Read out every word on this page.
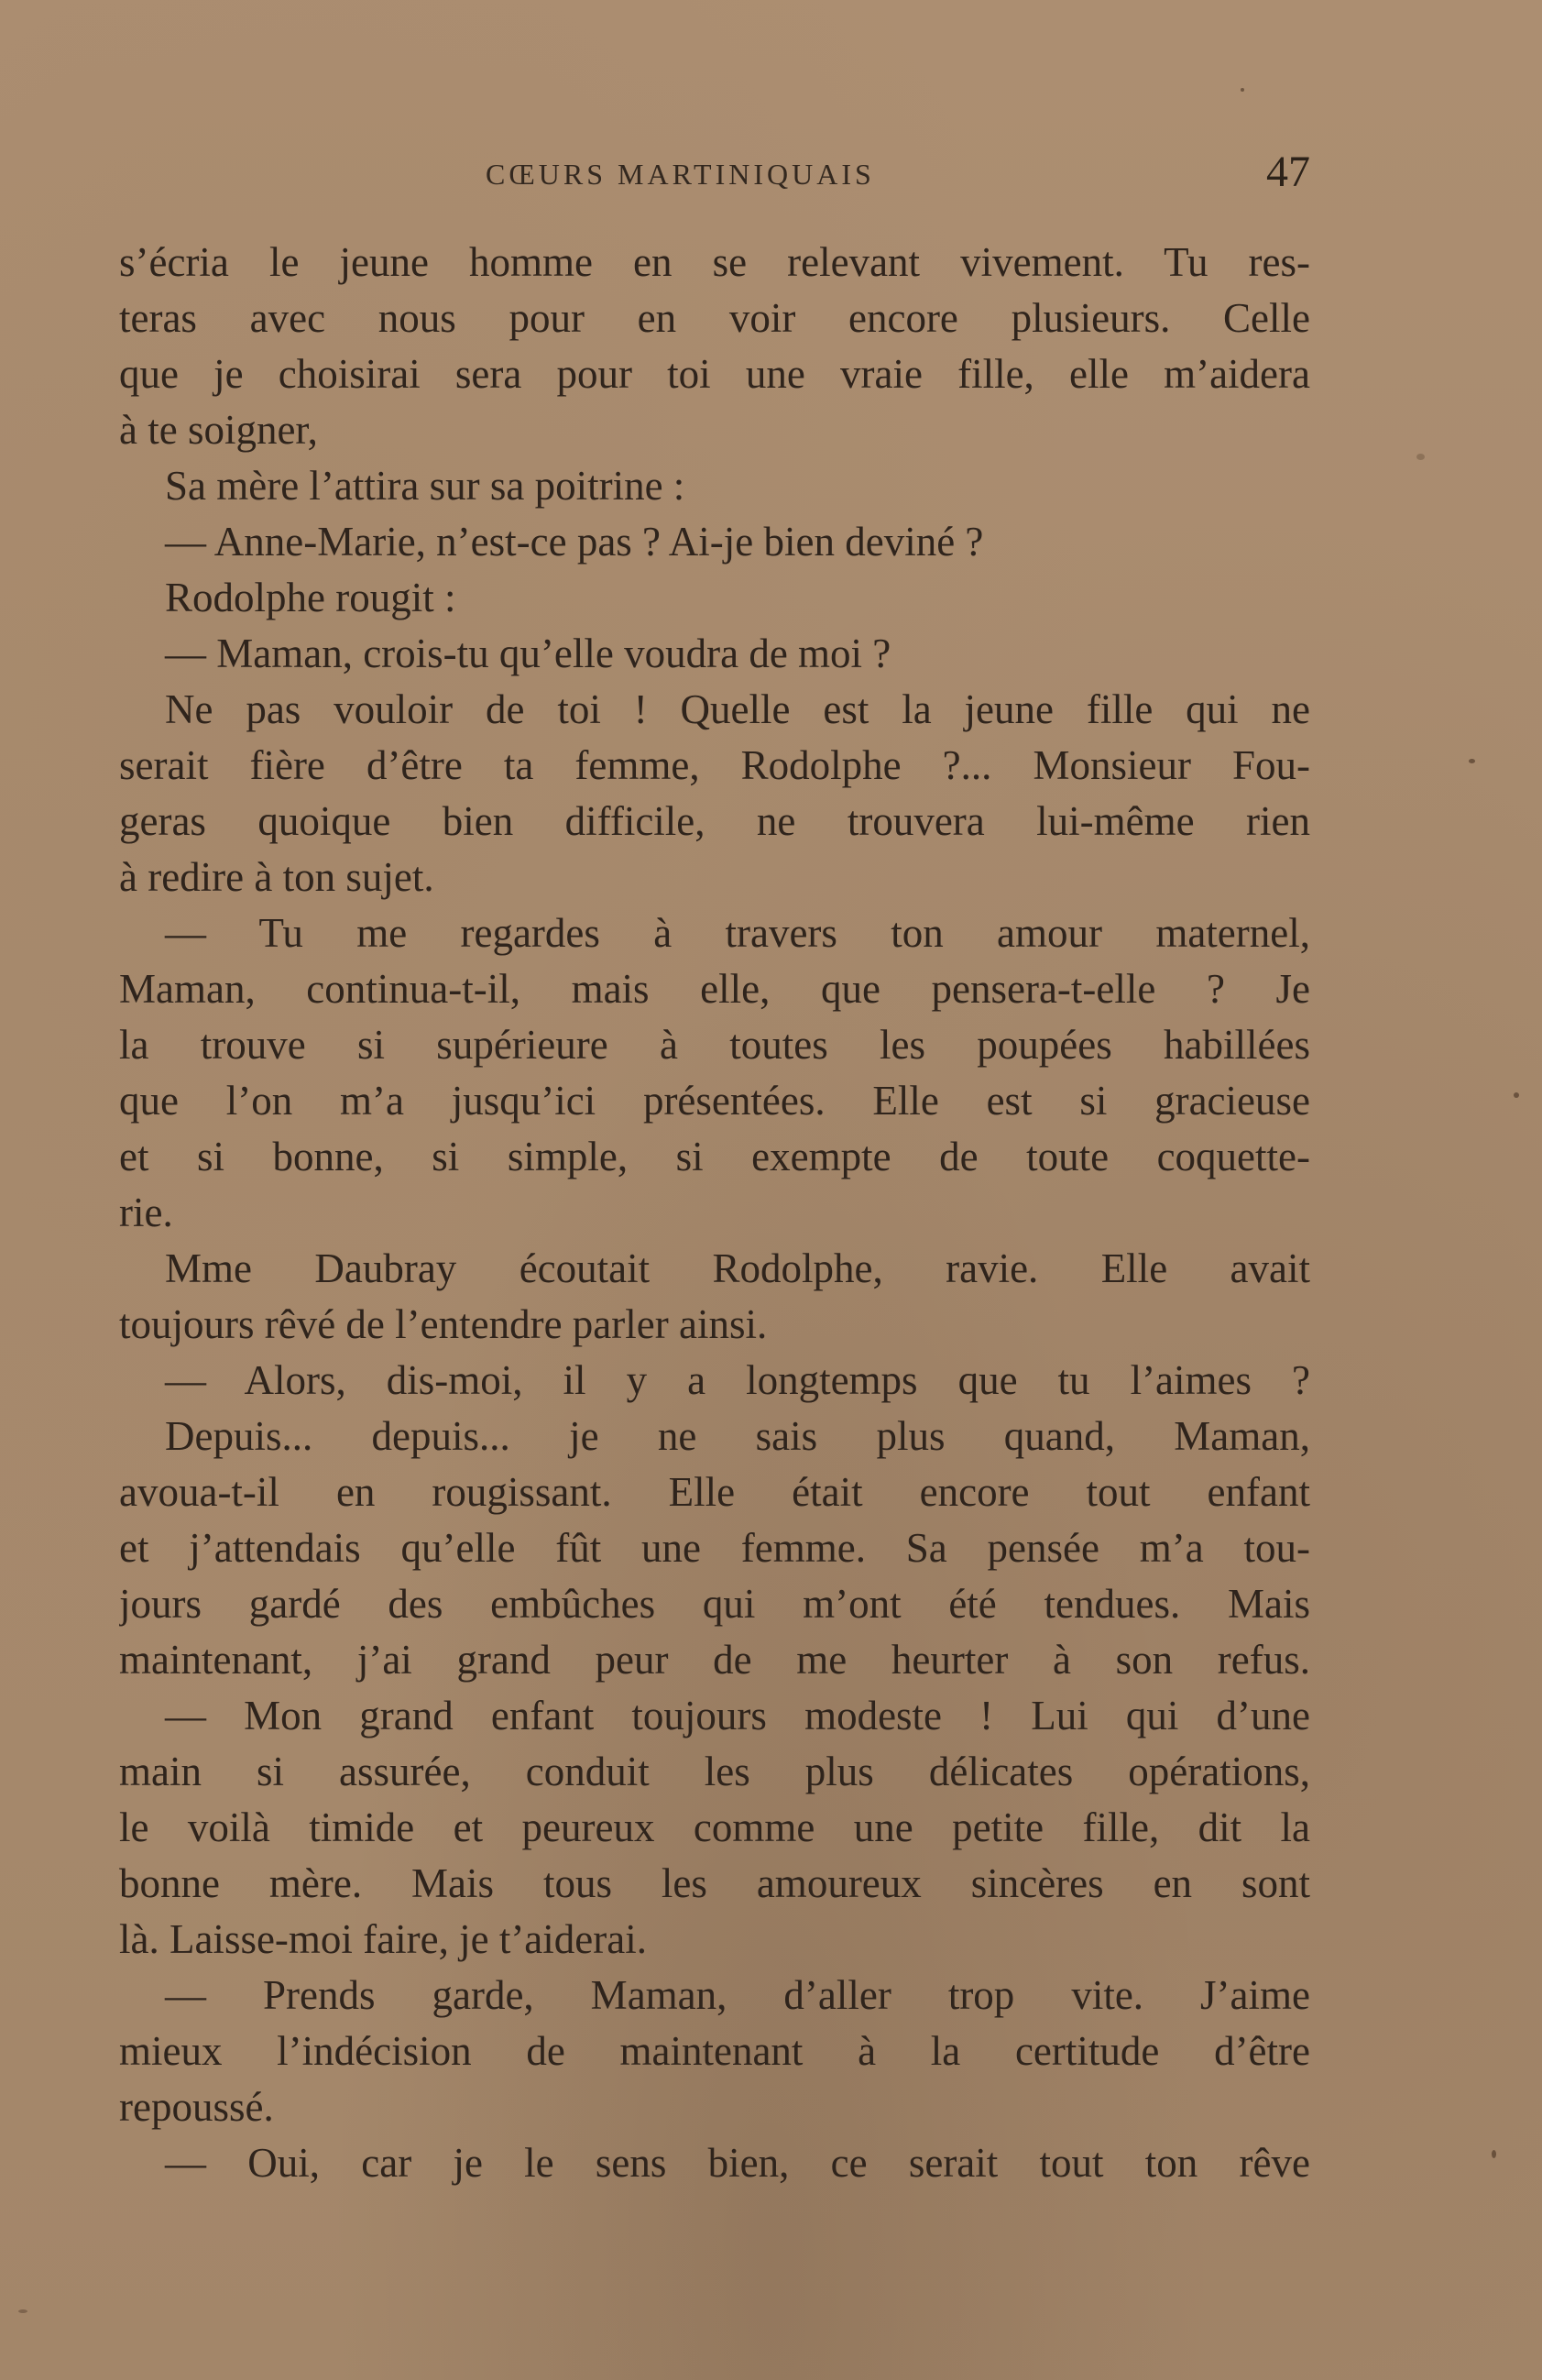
CŒURS MARTINIQUAIS	47
s’écria le jeune homme en se relevant vivement. Tu res-
teras avec nous pour en voir encore plusieurs. Celle
que je choisirai sera pour toi une vraie fille, elle m’aidera
à te soigner,
Sa mère l’attira sur sa poitrine :
— Anne-Marie, n’est-ce pas ? Ai-je bien deviné ?
Rodolphe rougit :
— Maman, crois-tu qu’elle voudra de moi ?
Ne pas vouloir de toi ! Quelle est la jeune fille qui ne
serait fière d’être ta femme, Rodolphe ?... Monsieur Fou-
geras quoique bien difficile, ne trouvera lui-même rien
à redire à ton sujet.
— Tu me regardes à travers ton amour maternel,
Maman, continua-t-il, mais elle, que pensera-t-elle ? Je
la trouve si supérieure à toutes les poupées habillées
que l’on m’a jusqu’ici présentées. Elle est si gracieuse
et si bonne, si simple, si exempte de toute coquette-
rie.
Mme Daubray écoutait Rodolphe, ravie. Elle avait
toujours rêvé de l’entendre parler ainsi.
— Alors, dis-moi, il y a longtemps que tu l’aimes ?
Depuis... depuis... je ne sais plus quand, Maman,
avoua-t-il en rougissant. Elle était encore tout enfant
et j’attendais qu’elle fût une femme. Sa pensée m’a tou-
jours gardé des embûches qui m’ont été tendues. Mais
maintenant, j’ai grand peur de me heurter à son refus.
— Mon grand enfant toujours modeste ! Lui qui d’une
main si assurée, conduit les plus délicates opérations,
le voilà timide et peureux comme une petite fille, dit la
bonne mère. Mais tous les amoureux sincères en sont
là. Laisse-moi faire, je t’aiderai.
— Prends garde, Maman, d’aller trop vite. J’aime
mieux l’indécision de maintenant à la certitude d’être
repoussé.
— Oui, car je le sens bien, ce serait tout ton rêve
